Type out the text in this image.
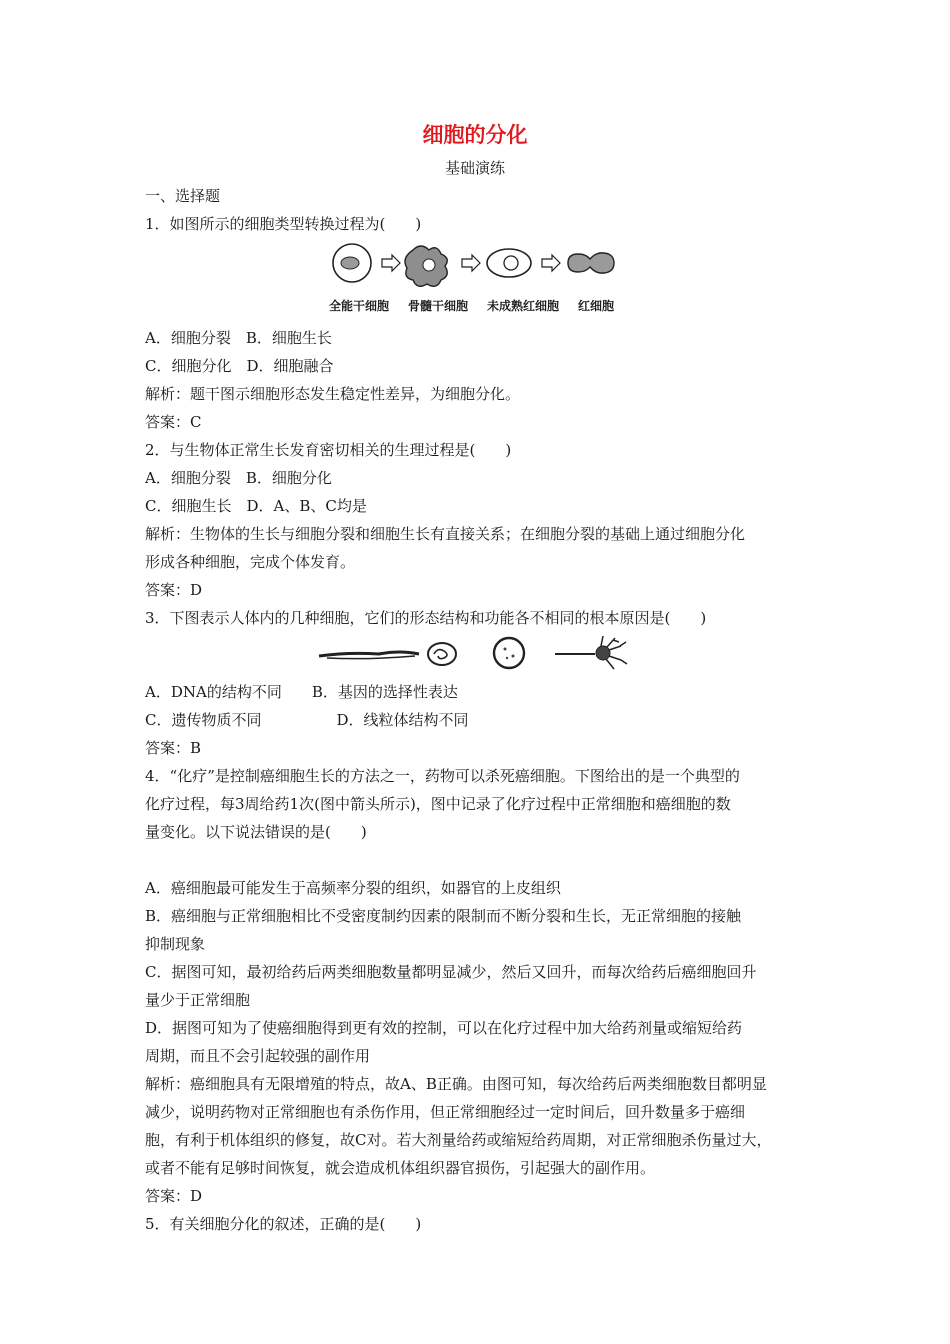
细胞的分化
基础演练

一、选择题

1．如图所示的细胞类型转换过程为(　　)

全能干细胞 骨髓干细胞 未成熟红细胞 红细胞

A．细胞分裂　B．细胞生长

C．细胞分化　D．细胞融合

解析：题干图示细胞形态发生稳定性差异，为细胞分化。

答案：C

2．与生物体正常生长发育密切相关的生理过程是(　　)

A．细胞分裂　B．细胞分化

C．细胞生长　D．A、B、C均是

解析：生物体的生长与细胞分裂和细胞生长有直接关系；在细胞分裂的基础上通过细胞分化

形成各种细胞，完成个体发育。

答案：D

3．下图表示人体内的几种细胞，它们的形态结构和功能各不相同的根本原因是(　　)

A．DNA的结构不同　　B．基因的选择性表达

C．遗传物质不同　　　　　D．线粒体结构不同

答案：B

4．“化疗”是控制癌细胞生长的方法之一，药物可以杀死癌细胞。下图给出的是一个典型的

化疗过程，每3周给药1次(图中箭头所示)，图中记录了化疗过程中正常细胞和癌细胞的数

量变化。以下说法错误的是(　　)

A．癌细胞最可能发生于高频率分裂的组织，如器官的上皮组织

B．癌细胞与正常细胞相比不受密度制约因素的限制而不断分裂和生长，无正常细胞的接触

抑制现象

C．据图可知，最初给药后两类细胞数量都明显减少，然后又回升，而每次给药后癌细胞回升

量少于正常细胞

D．据图可知为了使癌细胞得到更有效的控制，可以在化疗过程中加大给药剂量或缩短给药

周期，而且不会引起较强的副作用

解析：癌细胞具有无限增殖的特点，故A、B正确。由图可知，每次给药后两类细胞数目都明显

减少，说明药物对正常细胞也有杀伤作用，但正常细胞经过一定时间后，回升数量多于癌细

胞，有利于机体组织的修复，故C对。若大剂量给药或缩短给药周期，对正常细胞杀伤量过大，

或者不能有足够时间恢复，就会造成机体组织器官损伤，引起强大的副作用。

答案：D

5．有关细胞分化的叙述，正确的是(　　)
